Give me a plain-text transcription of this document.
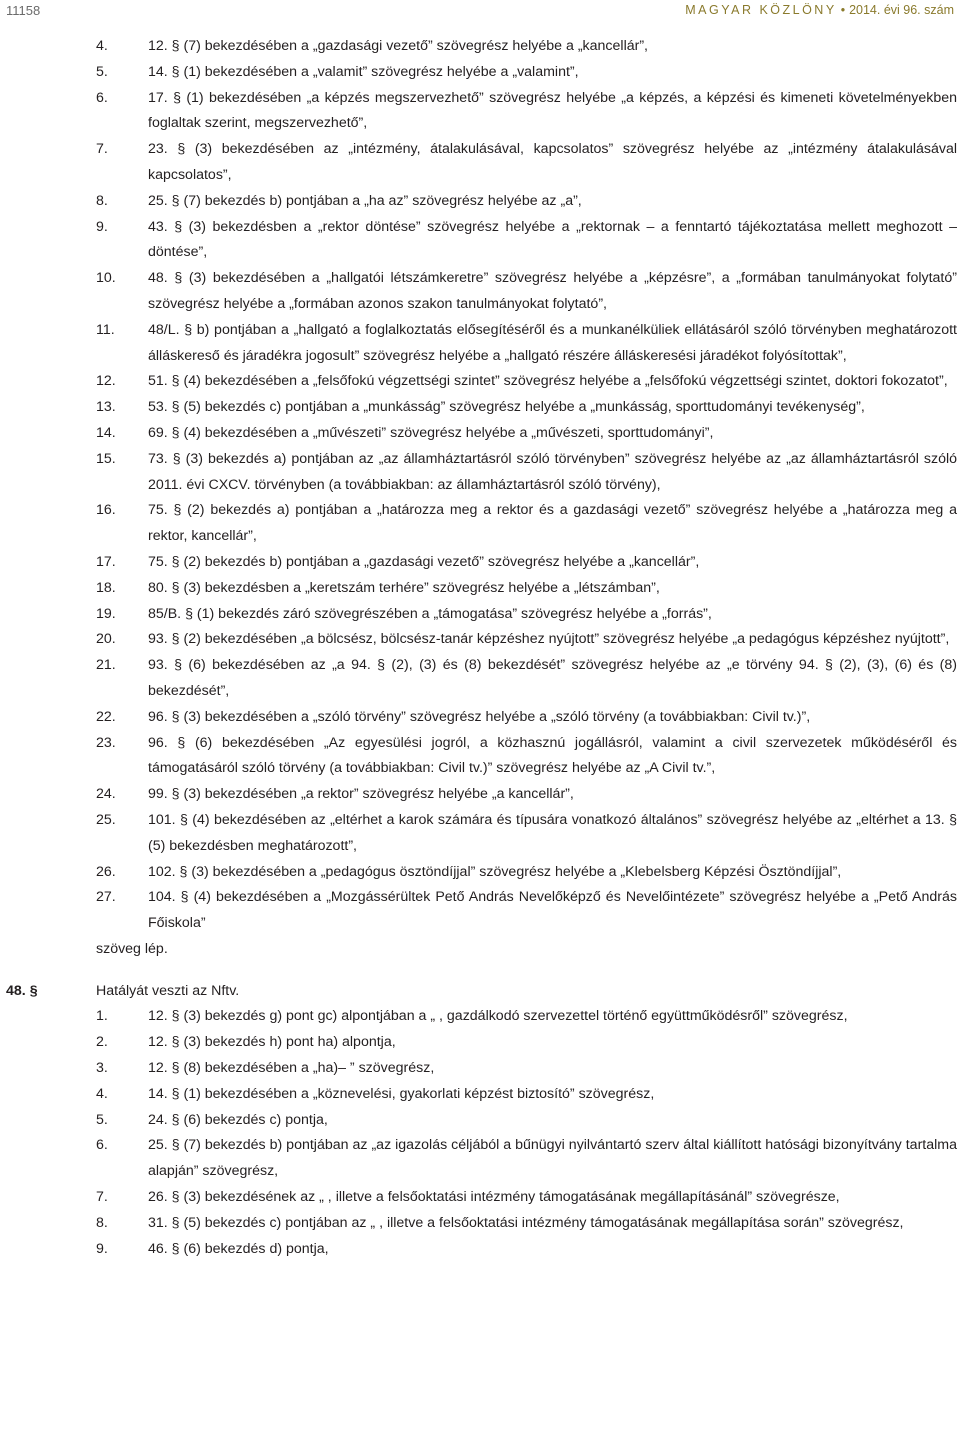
11158	MAGYAR KÖZLÖNY • 2014. évi 96. szám
4.	12. § (7) bekezdésében a „gazdasági vezető” szövegrész helyébe a „kancellár”,
5.	14. § (1) bekezdésében a „valamit” szövegrész helyébe a „valamint”,
6.	17. § (1) bekezdésében „a képzés megszervezhető” szövegrész helyébe „a képzés, a képzési és kimeneti követelményekben foglaltak szerint, megszervezhető”,
7.	23. § (3) bekezdésében az „intézmény, átalakulásával, kapcsolatos” szövegrész helyébe az „intézmény átalakulásával kapcsolatos”,
8.	25. § (7) bekezdés b) pontjában a „ha az” szövegrész helyébe az „a”,
9.	43. § (3) bekezdésben a „rektor döntése” szövegrész helyébe a „rektornak – a fenntartó tájékoztatása mellett meghozott – döntése”,
10. 48. § (3) bekezdésében a „hallgatói létszámkeretre” szövegrész helyébe a „képzésre”, a „formában tanulmányokat folytató” szövegrész helyébe a „formában azonos szakon tanulmányokat folytató”,
11. 48/L. § b) pontjában a „hallgató a foglalkoztatás elősegítéséről és a munkanélküliek ellátásáról szóló törvényben meghatározott álláskereső és járadékra jogosult” szövegrész helyébe a „hallgató részére álláskeresési járadékot folyósítottak”,
12. 51. § (4) bekezdésében a „felsőfokú végzettségi szintet” szövegrész helyébe a „felsőfokú végzettségi szintet, doktori fokozatot”,
13. 53. § (5) bekezdés c) pontjában a „munkásság” szövegrész helyébe a „munkásság, sporttudományi tevékenység”,
14. 69. § (4) bekezdésében a „művészeti” szövegrész helyébe a „művészeti, sporttudományi”,
15. 73. § (3) bekezdés a) pontjában az „az államháztartásról szóló törvényben” szövegrész helyébe az „az államháztartásról szóló 2011. évi CXCV. törvényben (a továbbiakban: az államháztartásról szóló törvény),
16. 75. § (2) bekezdés a) pontjában a „határozza meg a rektor és a gazdasági vezető” szövegrész helyébe a „határozza meg a rektor, kancellár”,
17. 75. § (2) bekezdés b) pontjában a „gazdasági vezető” szövegrész helyébe a „kancellár”,
18. 80. § (3) bekezdésben a „keretszám terhére” szövegrész helyébe a „létszámban”,
19. 85/B. § (1) bekezdés záró szövegrészében a „támogatása” szövegrész helyébe a „forrás”,
20. 93. § (2) bekezdésében „a bölcsész, bölcsész-tanár képzéshez nyújtott” szövegrész helyébe „a pedagógus képzéshez nyújtott”,
21. 93. § (6) bekezdésében az „a 94. § (2), (3) és (8) bekezdését” szövegrész helyébe az „e törvény 94. § (2), (3), (6) és (8) bekezdését”,
22. 96. § (3) bekezdésében a „szóló törvény” szövegrész helyébe a „szóló törvény (a továbbiakban: Civil tv.)”,
23. 96. § (6) bekezdésében „Az egyesülési jogról, a közhasznú jogállásról, valamint a civil szervezetek működéséről és támogatásáról szóló törvény (a továbbiakban: Civil tv.)” szövegrész helyébe az „A Civil tv.”,
24. 99. § (3) bekezdésében „a rektor” szövegrész helyébe „a kancellár”,
25. 101. § (4) bekezdésében az „eltérhet a karok számára és típusára vonatkozó általános” szövegrész helyébe az „eltérhet a 13. § (5) bekezdésben meghatározott”,
26. 102. § (3) bekezdésében a „pedagógus ösztöndíjjal” szövegrész helyébe a „Klebelsberg Képzési Ösztöndíjjal”,
27. 104. § (4) bekezdésében a „Mozgássérültek Pető András Nevelőképző és Nevelőintézete” szövegrész helyébe a „Pető András Főiskola”
szöveg lép.
48. §	Hatályát veszti az Nftv.
1.	12. § (3) bekezdés g) pont gc) alpontjában a „ , gazdálkodó szervezettel történő együttműködésről” szövegrész,
2.	12. § (3) bekezdés h) pont ha) alpontja,
3.	12. § (8) bekezdésében a „ha)– ” szövegrész,
4.	14. § (1) bekezdésében a „köznevelési, gyakorlati képzést biztosító” szövegrész,
5.	24. § (6) bekezdés c) pontja,
6.	25. § (7) bekezdés b) pontjában az „az igazolás céljából a bűnügyi nyilvántartó szerv által kiállított hatósági bizonyítvány tartalma alapján” szövegrész,
7.	26. § (3) bekezdésének az „ , illetve a felsőoktatási intézmény támogatásának megállapításánál” szövegrésze,
8.	31. § (5) bekezdés c) pontjában az „ , illetve a felsőoktatási intézmény támogatásának megállapítása során” szövegrész,
9.	46. § (6) bekezdés d) pontja,
